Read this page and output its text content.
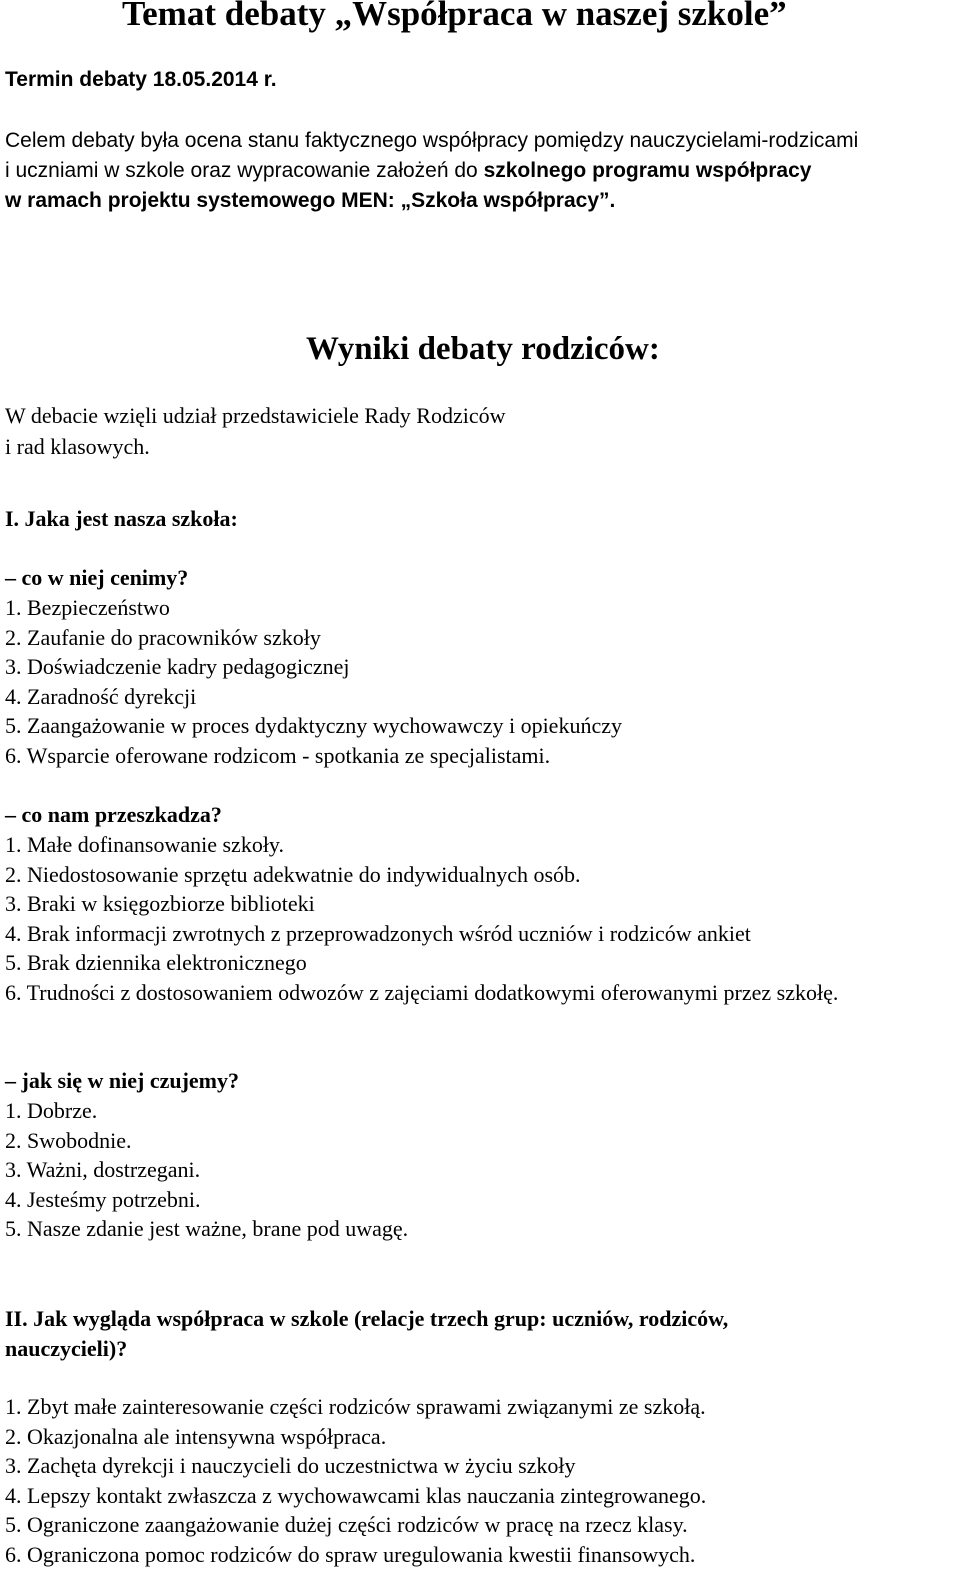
Temat debaty „Współpraca w naszej szkole”

Termin debaty 18.05.2014 r.

Celem debaty była ocena stanu faktycznego współpracy pomiędzy nauczycielami-rodzicami
i uczniami w szkole oraz wypracowanie założeń do szkolnego programu współpracy
w ramach projektu systemowego MEN: „Szkoła współpracy”.

Wyniki debaty rodziców:

W debacie wzięli udział przedstawiciele Rady Rodziców
i rad klasowych.

I. Jaka jest nasza szkoła:
– co w niej cenimy?
1. Bezpieczeństwo
2. Zaufanie do pracowników szkoły
3. Doświadczenie kadry pedagogicznej
4. Zaradność dyrekcji
5. Zaangażowanie w proces dydaktyczny wychowawczy i opiekuńczy
6. Wsparcie oferowane rodzicom - spotkania ze specjalistami.
– co nam przeszkadza?
1. Małe dofinansowanie szkoły.
2. Niedostosowanie sprzętu adekwatnie do indywidualnych osób.
3. Braki w księgozbiorze biblioteki
4. Brak informacji zwrotnych z przeprowadzonych wśród uczniów i rodziców ankiet
5. Brak dziennika elektronicznego
6. Trudności z dostosowaniem odwozów z zajęciami dodatkowymi oferowanymi przez szkołę.
– jak się w niej czujemy?
1. Dobrze.
2. Swobodnie.
3. Ważni, dostrzegani.
4. Jesteśmy potrzebni.
5. Nasze zdanie jest ważne, brane pod uwagę.
II. Jak wygląda współpraca w szkole (relacje trzech grup: uczniów, rodziców,
nauczycieli)?
1. Zbyt małe zainteresowanie części rodziców sprawami związanymi ze szkołą.
2. Okazjonalna ale intensywna współpraca.
3. Zachęta dyrekcji i nauczycieli do uczestnictwa w życiu szkoły
4. Lepszy kontakt zwłaszcza z wychowawcami klas nauczania zintegrowanego.
5. Ograniczone zaangażowanie dużej części rodziców w pracę na rzecz klasy.
6. Ograniczona pomoc rodziców do spraw uregulowania kwestii finansowych.
